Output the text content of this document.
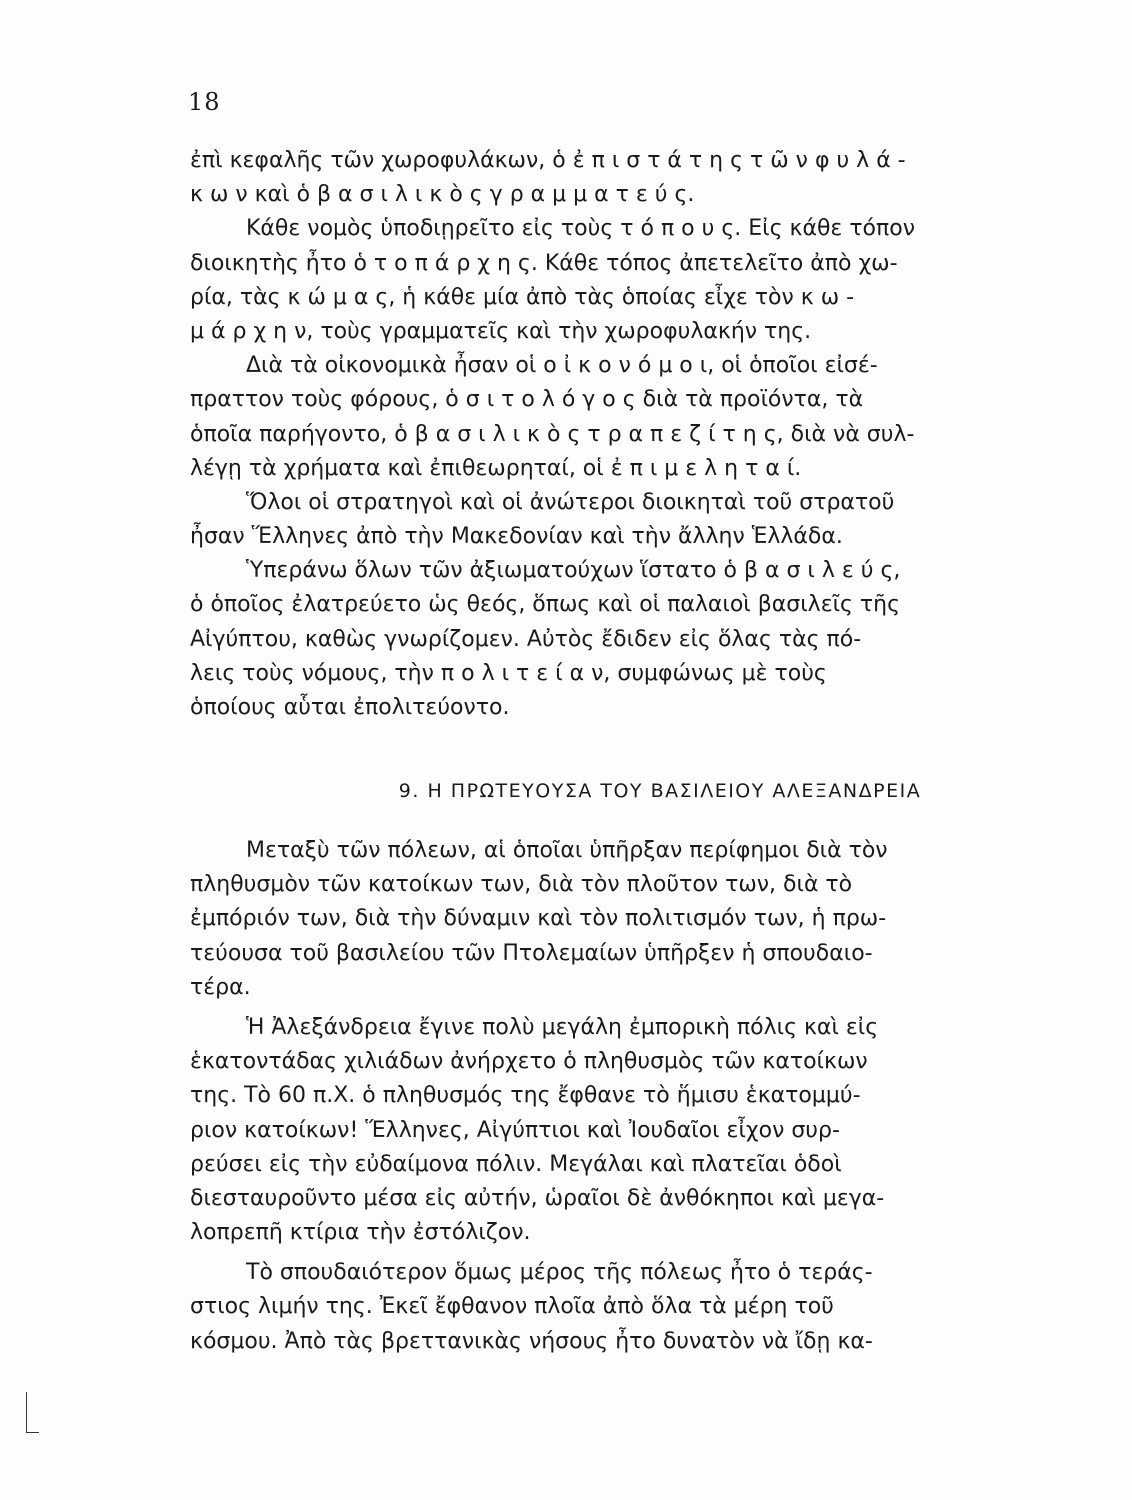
18
ἐπὶ κεφαλῆς τῶν χωροφυλάκων, ὁ ἐ π ι σ τ ά τ η ς τ ῶ ν φ υ λ ά -
κ ω ν καὶ ὁ β α σ ι λ ι κ ὸ ς γ ρ α μ μ α τ ε ύ ς.
Κάθε νομὸς ὑποδιῃρεῖτο εἰς τοὺς τ ό π ο υ ς. Εἰς κάθε τόπον
διοικητὴς ἦτο ὁ τ ο π ά ρ χ η ς. Κάθε τόπος ἀπετελεῖτο ἀπὸ χω-
ρία, τὰς κ ώ μ α ς, ἡ κάθε μία ἀπὸ τὰς ὁποίας εἶχε τὸν κ ω -
μ ά ρ χ η ν, τοὺς γραμματεῖς καὶ τὴν χωροφυλακήν της.
Διὰ τὰ οἰκονομικὰ ἦσαν οἱ ο ἰ κ ο ν ό μ ο ι, οἱ ὁποῖοι εἰσέ-
πραττον τοὺς φόρους, ὁ σ ι τ ο λ ό γ ο ς διὰ τὰ προϊόντα, τὰ
ὁποῖα παρήγοντο, ὁ β α σ ι λ ι κ ὸ ς τ ρ α π ε ζ ί τ η ς, διὰ νὰ συλ-
λέγῃ τὰ χρήματα καὶ ἐπιθεωρηταί, οἱ ἐ π ι μ ε λ η τ α ί.
Ὅλοι οἱ στρατηγοὶ καὶ οἱ ἀνώτεροι διοικηταὶ τοῦ στρατοῦ
ἦσαν Ἕλληνες ἀπὸ τὴν Μακεδονίαν καὶ τὴν ἄλλην Ἑλλάδα.
Ὑπεράνω ὅλων τῶν ἀξιωματούχων ἵστατο ὁ β α σ ι λ ε ύ ς,
ὁ ὁποῖος ἐλατρεύετο ὡς θεός, ὅπως καὶ οἱ παλαιοὶ βασιλεῖς τῆς
Αἰγύπτου, καθὼς γνωρίζομεν. Αὐτὸς ἔδιδεν εἰς ὅλας τὰς πό-
λεις τοὺς νόμους, τὴν π ο λ ι τ ε ί α ν, συμφώνως μὲ τοὺς
ὁποίους αὗται ἐπολιτεύοντο.
9. Η ΠΡΩΤΕΥΟΥΣΑ ΤΟΥ ΒΑΣΙΛΕΙΟΥ ΑΛΕΞΑΝΔΡΕΙΑ
Μεταξὺ τῶν πόλεων, αἱ ὁποῖαι ὑπῆρξαν περίφημοι διὰ τὸν
πληθυσμὸν τῶν κατοίκων των, διὰ τὸν πλοῦτον των, διὰ τὸ
ἐμπόριόν των, διὰ τὴν δύναμιν καὶ τὸν πολιτισμόν των, ἡ πρω-
τεύουσα τοῦ βασιλείου τῶν Πτολεμαίων ὑπῆρξεν ἡ σπουδαιο-
τέρα.
Ἡ Ἀλεξάνδρεια ἔγινε πολὺ μεγάλη ἐμπορικὴ πόλις καὶ εἰς
ἑκατοντάδας χιλιάδων ἀνήρχετο ὁ πληθυσμὸς τῶν κατοίκων
της. Τὸ 60 π.Χ. ὁ πληθυσμός της ἔφθανε τὸ ἥμισυ ἑκατομμύ-
ριον κατοίκων! Ἕλληνες, Αἰγύπτιοι καὶ Ἰουδαῖοι εἶχον συρ-
ρεύσει εἰς τὴν εὐδαίμονα πόλιν. Μεγάλαι καὶ πλατεῖαι ὁδοὶ
διεσταυροῦντο μέσα εἰς αὐτήν, ὡραῖοι δὲ ἀνθόκηποι καὶ μεγα-
λοπρεπῆ κτίρια τὴν ἐστόλιζον.
Τὸ σπουδαιότερον ὅμως μέρος τῆς πόλεως ἦτο ὁ τεράς-
στιος λιμήν της. Ἐκεῖ ἔφθανον πλοῖα ἀπὸ ὅλα τὰ μέρη τοῦ
κόσμου. Ἀπὸ τὰς βρεττανικὰς νήσους ἦτο δυνατὸν νὰ ἴδῃ κα-
